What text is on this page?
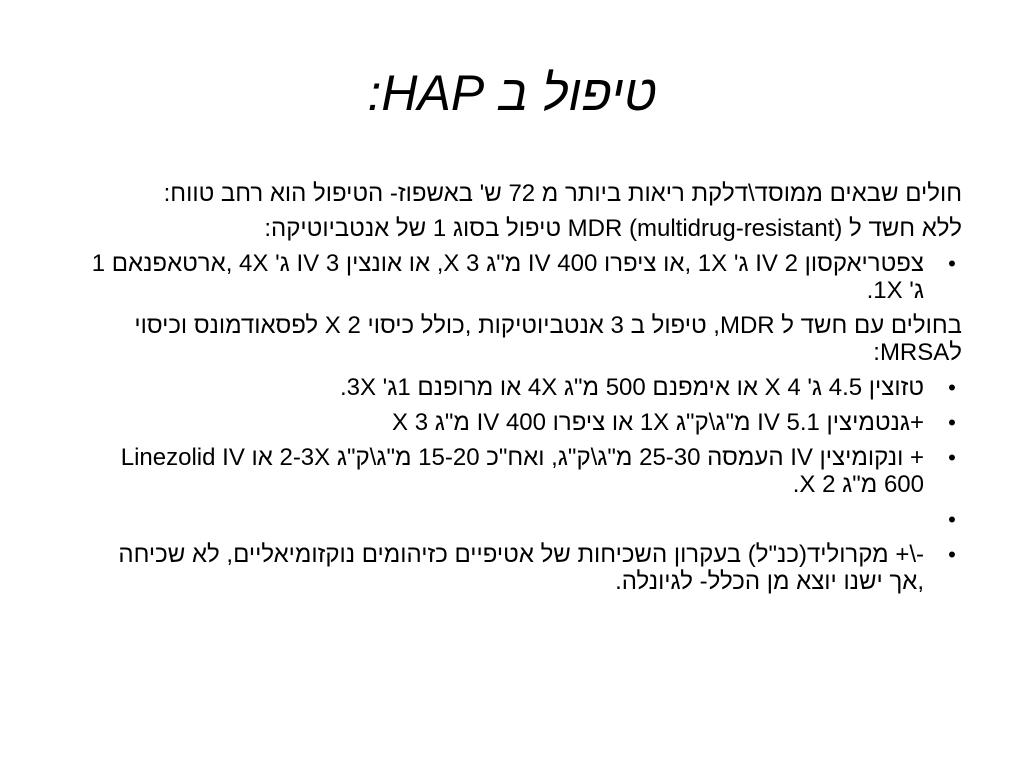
טיפול ב HAP:
חולים שבאים ממוסד\דלקת ריאות ביותר מ 72 ש' באשפוז- הטיפול הוא רחב טווח:
ללא חשד ל MDR (multidrug-resistant) טיפול בסוג 1 של אנטביוטיקה:
•
צפטריאקסון IV 2 ג' 1X ,או ציפרו IV 400 מ"ג 3 X, או אונצין IV 3 ג' 4X ,ארטאפנאם 1 ג' 1X.
בחולים עם חשד ל MDR, טיפול ב 3 אנטביוטיקות ,כולל כיסוי 2 X לפסאודמונס וכיסוי לMRSA:
•
טזוצין 4.5 ג' 4 X או אימפנם 500 מ"ג 4X או מרופנם 1ג' 3X.
•
+גנטמיצין IV 5.1 מ"ג\ק"ג 1X או ציפרו IV 400 מ"ג 3 X
•
+ ונקומיצין IV העמסה 25-30 מ"ג\ק"ג, ואח"כ 15-20 מ"ג\ק"ג 2-3X או Linezolid IV 600 מ"ג 2 X.
•
•
-\+ מקרוליד(כנ"ל) בעקרון השכיחות של אטיפיים כזיהומים נוקזומיאליים, לא שכיחה ,אך ישנו יוצא מן הכלל- לגיונלה.
